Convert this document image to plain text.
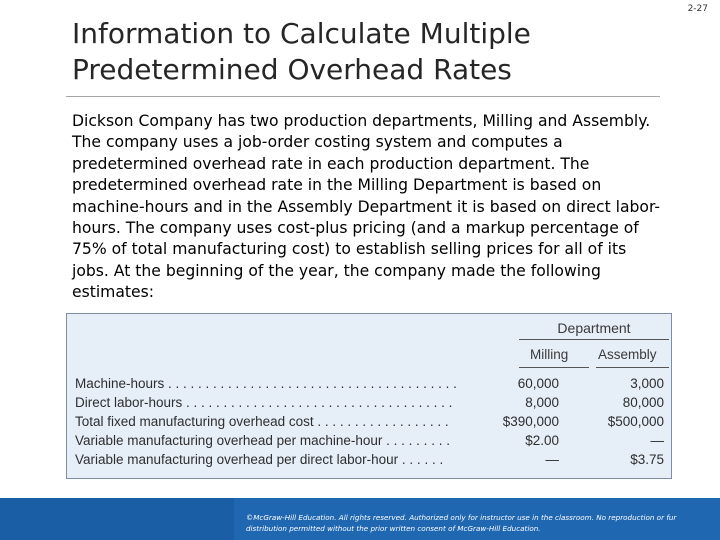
2-27
Information to Calculate Multiple Predetermined Overhead Rates

Dickson Company has two production departments, Milling and Assembly. The company uses a job-order costing system and computes a predetermined overhead rate in each production department. The predetermined overhead rate in the Milling Department is based on machine-hours and in the Assembly Department it is based on direct labor-hours. The company uses cost-plus pricing (and a markup percentage of 75% of total manufacturing cost) to establish selling prices for all of its jobs. At the beginning of the year, the company made the following estimates:

Department
Milling Assembly
Machine-hours . . . . . . . . . . . . . . . . . . . . . . . . . . . . . . . . . . . . . . .	60,000	3,000
Direct labor-hours . . . . . . . . . . . . . . . . . . . . . . . . . . . . . . . . . . . .	8,000	80,000
Total fixed manufacturing overhead cost . . . . . . . . . . . . . . . . . .	$390,000	$500,000
Variable manufacturing overhead per machine-hour . . . . . . . . .	$2.00	—
Variable manufacturing overhead per direct labor-hour . . . . . .	—	$3.75
©McGraw-Hill Education. All rights reserved. Authorized only for instructor use in the classroom. No reproduction or fur
distribution permitted without the prior written consent of McGraw-Hill Education.
